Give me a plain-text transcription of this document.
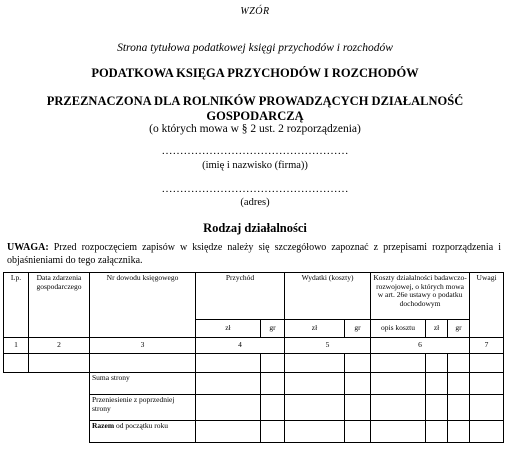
WZÓR
Strona tytułowa podatkowej księgi przychodów i rozchodów
PODATKOWA KSIĘGA PRZYCHODÓW I ROZCHODÓW
PRZEZNACZONA DLA ROLNIKÓW PROWADZĄCYCH DZIAŁALNOŚĆ
GOSPODARCZĄ
(o których mowa w § 2 ust. 2 rozporządzenia)
……………………………………………
(imię i nazwisko (firma))
……………………………………………
(adres)
Rodzaj działalności
UWAGA: Przed rozpoczęciem zapisów w księdze należy się szczegółowo zapoznać z przepisami rozporządzenia i objaśnieniami do tego załącznika.
Lp.	Data zdarzenia gospodarczego	Nr dowodu księgowego	Przychód		Wydatki (koszty)		Koszty działalności badawczo-rozwojowej, o których mowa w art. 26e ustawy o podatku dochodowym			Uwagi
			zł	gr	zł	gr	opis kosztu	zł	gr	
1	2	3	4		5		6			7

		Suma strony								
		Przeniesienie z poprzedniej strony								
		Razem od początku roku								
